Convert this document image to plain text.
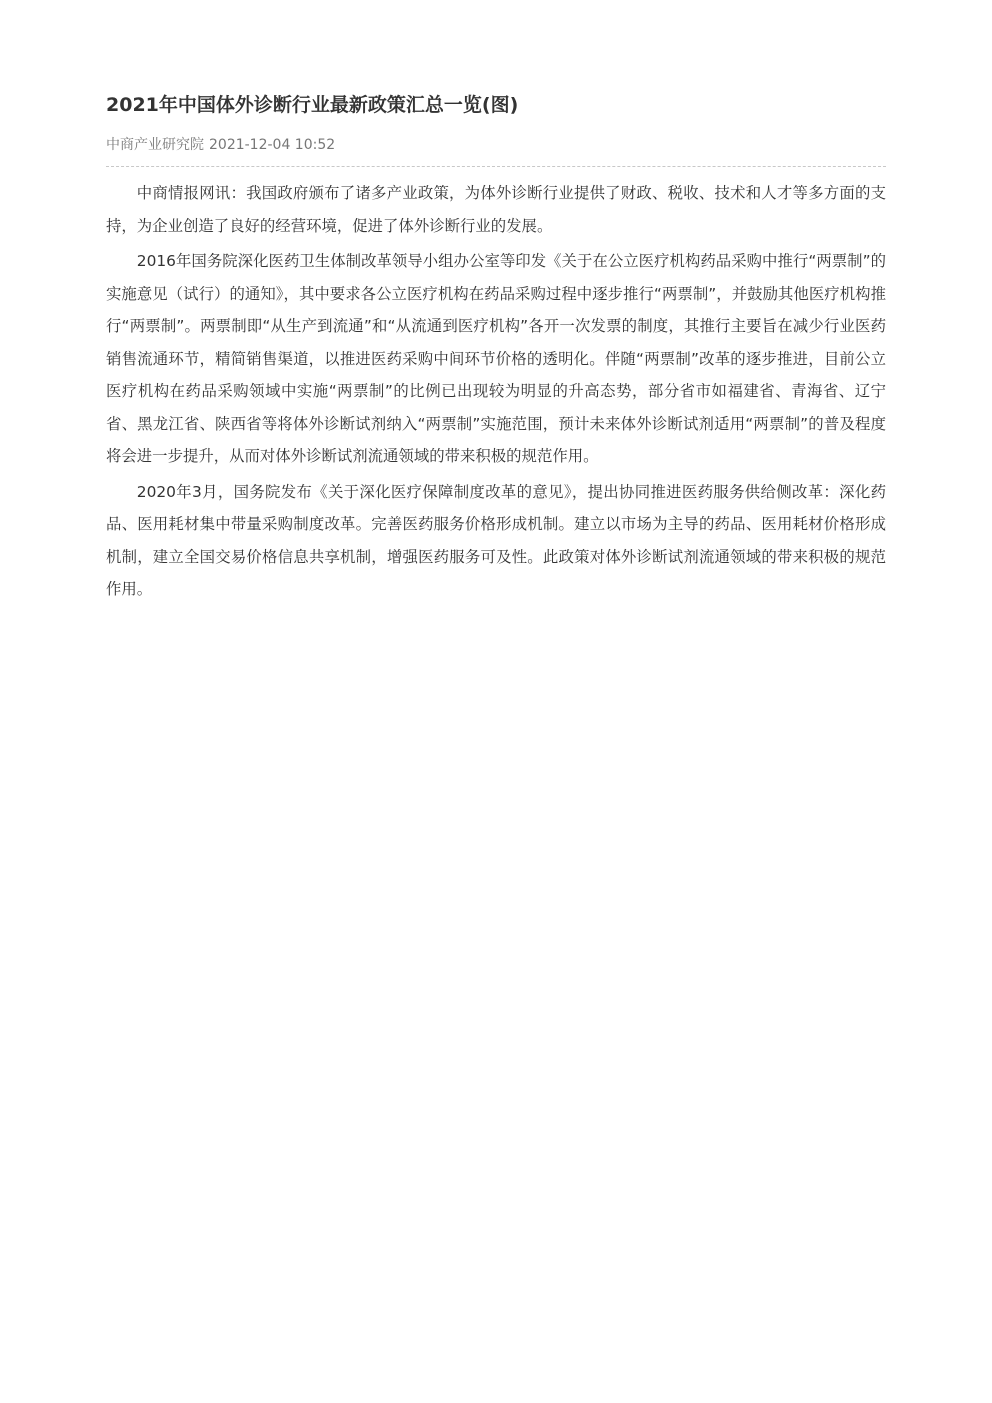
2021年中国体外诊断行业最新政策汇总一览(图)
中商产业研究院 2021-12-04 10:52

中商情报网讯：我国政府颁布了诸多产业政策，为体外诊断行业提供了财政、税收、技术和人才等多方面的支持，为企业创造了良好的经营环境，促进了体外诊断行业的发展。

2016年国务院深化医药卫生体制改革领导小组办公室等印发《关于在公立医疗机构药品采购中推行“两票制”的实施意见（试行）的通知》，其中要求各公立医疗机构在药品采购过程中逐步推行“两票制”，并鼓励其他医疗机构推行“两票制”。两票制即“从生产到流通”和“从流通到医疗机构”各开一次发票的制度，其推行主要旨在减少行业医药销售流通环节，精简销售渠道，以推进医药采购中间环节价格的透明化。伴随“两票制”改革的逐步推进，目前公立医疗机构在药品采购领域中实施“两票制”的比例已出现较为明显的升高态势，部分省市如福建省、青海省、辽宁省、黑龙江省、陕西省等将体外诊断试剂纳入“两票制”实施范围，预计未来体外诊断试剂适用“两票制”的普及程度将会进一步提升，从而对体外诊断试剂流通领域的带来积极的规范作用。

2020年3月，国务院发布《关于深化医疗保障制度改革的意见》，提出协同推进医药服务供给侧改革：深化药品、医用耗材集中带量采购制度改革。完善医药服务价格形成机制。建立以市场为主导的药品、医用耗材价格形成机制，建立全国交易价格信息共享机制，增强医药服务可及性。此政策对体外诊断试剂流通领域的带来积极的规范作用。
